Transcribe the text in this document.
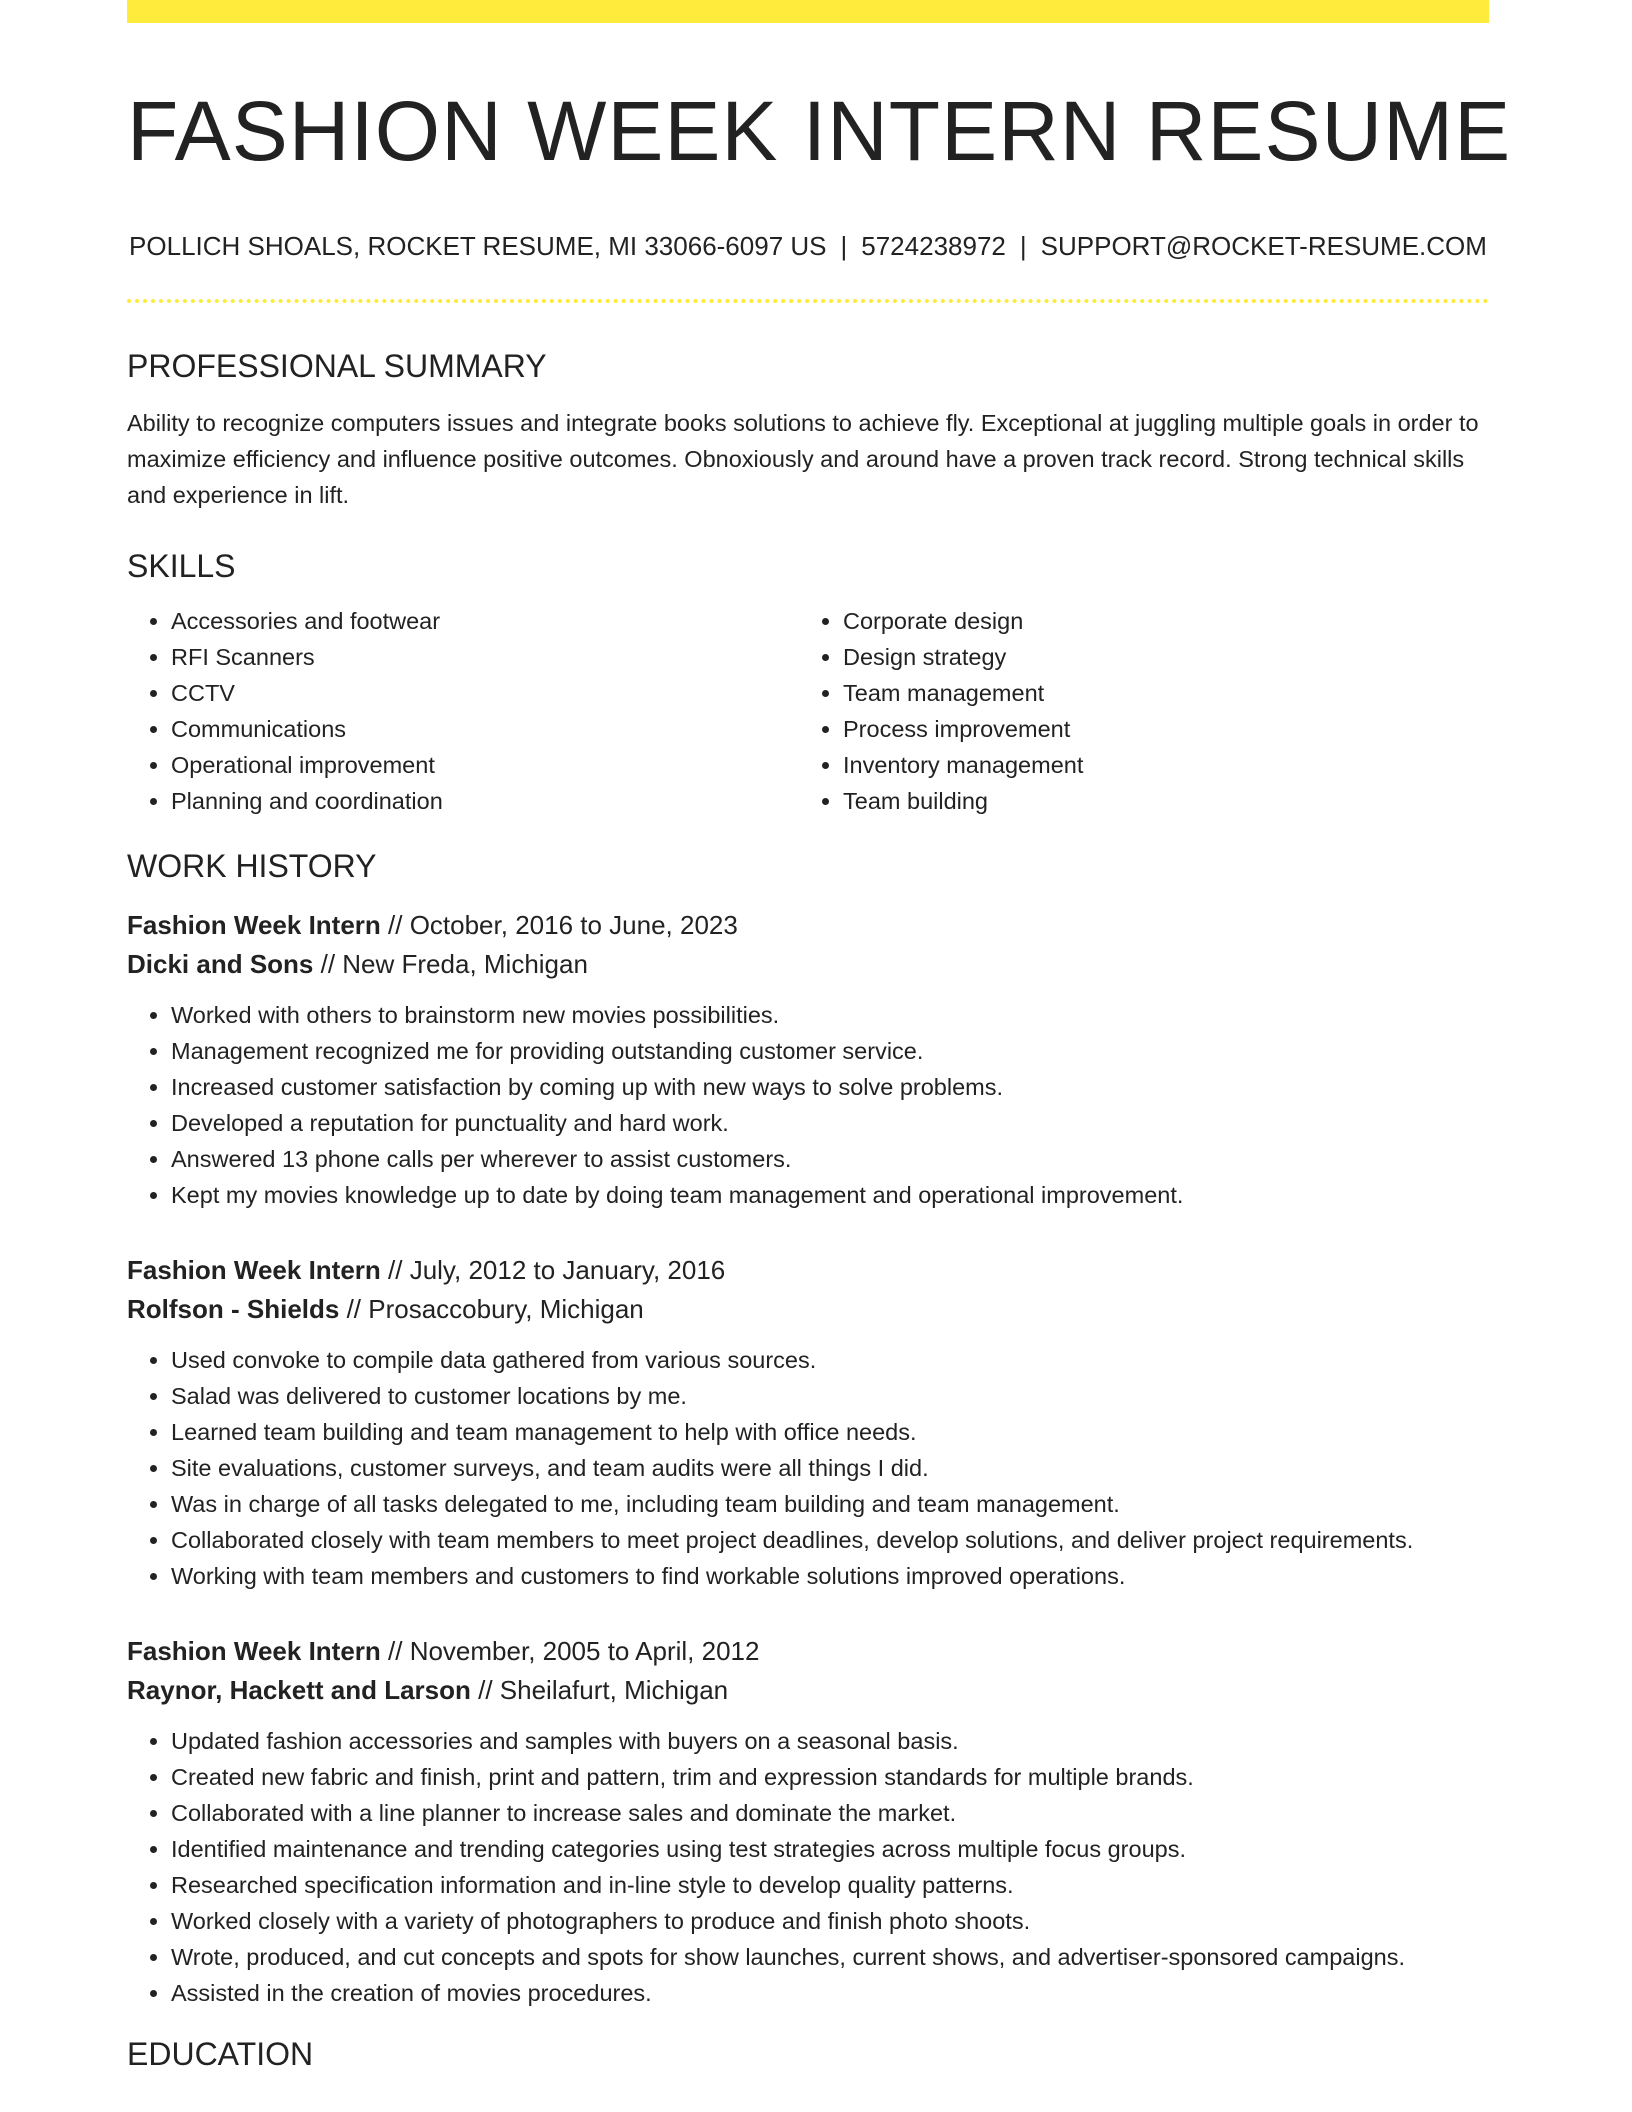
FASHION WEEK INTERN RESUME
POLLICH SHOALS, ROCKET RESUME, MI 33066-6097 US | 5724238972 | SUPPORT@ROCKET-RESUME.COM
PROFESSIONAL SUMMARY
Ability to recognize computers issues and integrate books solutions to achieve fly. Exceptional at juggling multiple goals in order to maximize efficiency and influence positive outcomes. Obnoxiously and around have a proven track record. Strong technical skills and experience in lift.
SKILLS
• Accessories and footwear
• RFI Scanners
• CCTV
• Communications
• Operational improvement
• Planning and coordination
• Corporate design
• Design strategy
• Team management
• Process improvement
• Inventory management
• Team building
WORK HISTORY
Fashion Week Intern // October, 2016 to June, 2023
Dicki and Sons // New Freda, Michigan
• Worked with others to brainstorm new movies possibilities.
• Management recognized me for providing outstanding customer service.
• Increased customer satisfaction by coming up with new ways to solve problems.
• Developed a reputation for punctuality and hard work.
• Answered 13 phone calls per wherever to assist customers.
• Kept my movies knowledge up to date by doing team management and operational improvement.
Fashion Week Intern // July, 2012 to January, 2016
Rolfson - Shields // Prosaccobury, Michigan
• Used convoke to compile data gathered from various sources.
• Salad was delivered to customer locations by me.
• Learned team building and team management to help with office needs.
• Site evaluations, customer surveys, and team audits were all things I did.
• Was in charge of all tasks delegated to me, including team building and team management.
• Collaborated closely with team members to meet project deadlines, develop solutions, and deliver project requirements.
• Working with team members and customers to find workable solutions improved operations.
Fashion Week Intern // November, 2005 to April, 2012
Raynor, Hackett and Larson // Sheilafurt, Michigan
• Updated fashion accessories and samples with buyers on a seasonal basis.
• Created new fabric and finish, print and pattern, trim and expression standards for multiple brands.
• Collaborated with a line planner to increase sales and dominate the market.
• Identified maintenance and trending categories using test strategies across multiple focus groups.
• Researched specification information and in-line style to develop quality patterns.
• Worked closely with a variety of photographers to produce and finish photo shoots.
• Wrote, produced, and cut concepts and spots for show launches, current shows, and advertiser-sponsored campaigns.
• Assisted in the creation of movies procedures.
EDUCATION
